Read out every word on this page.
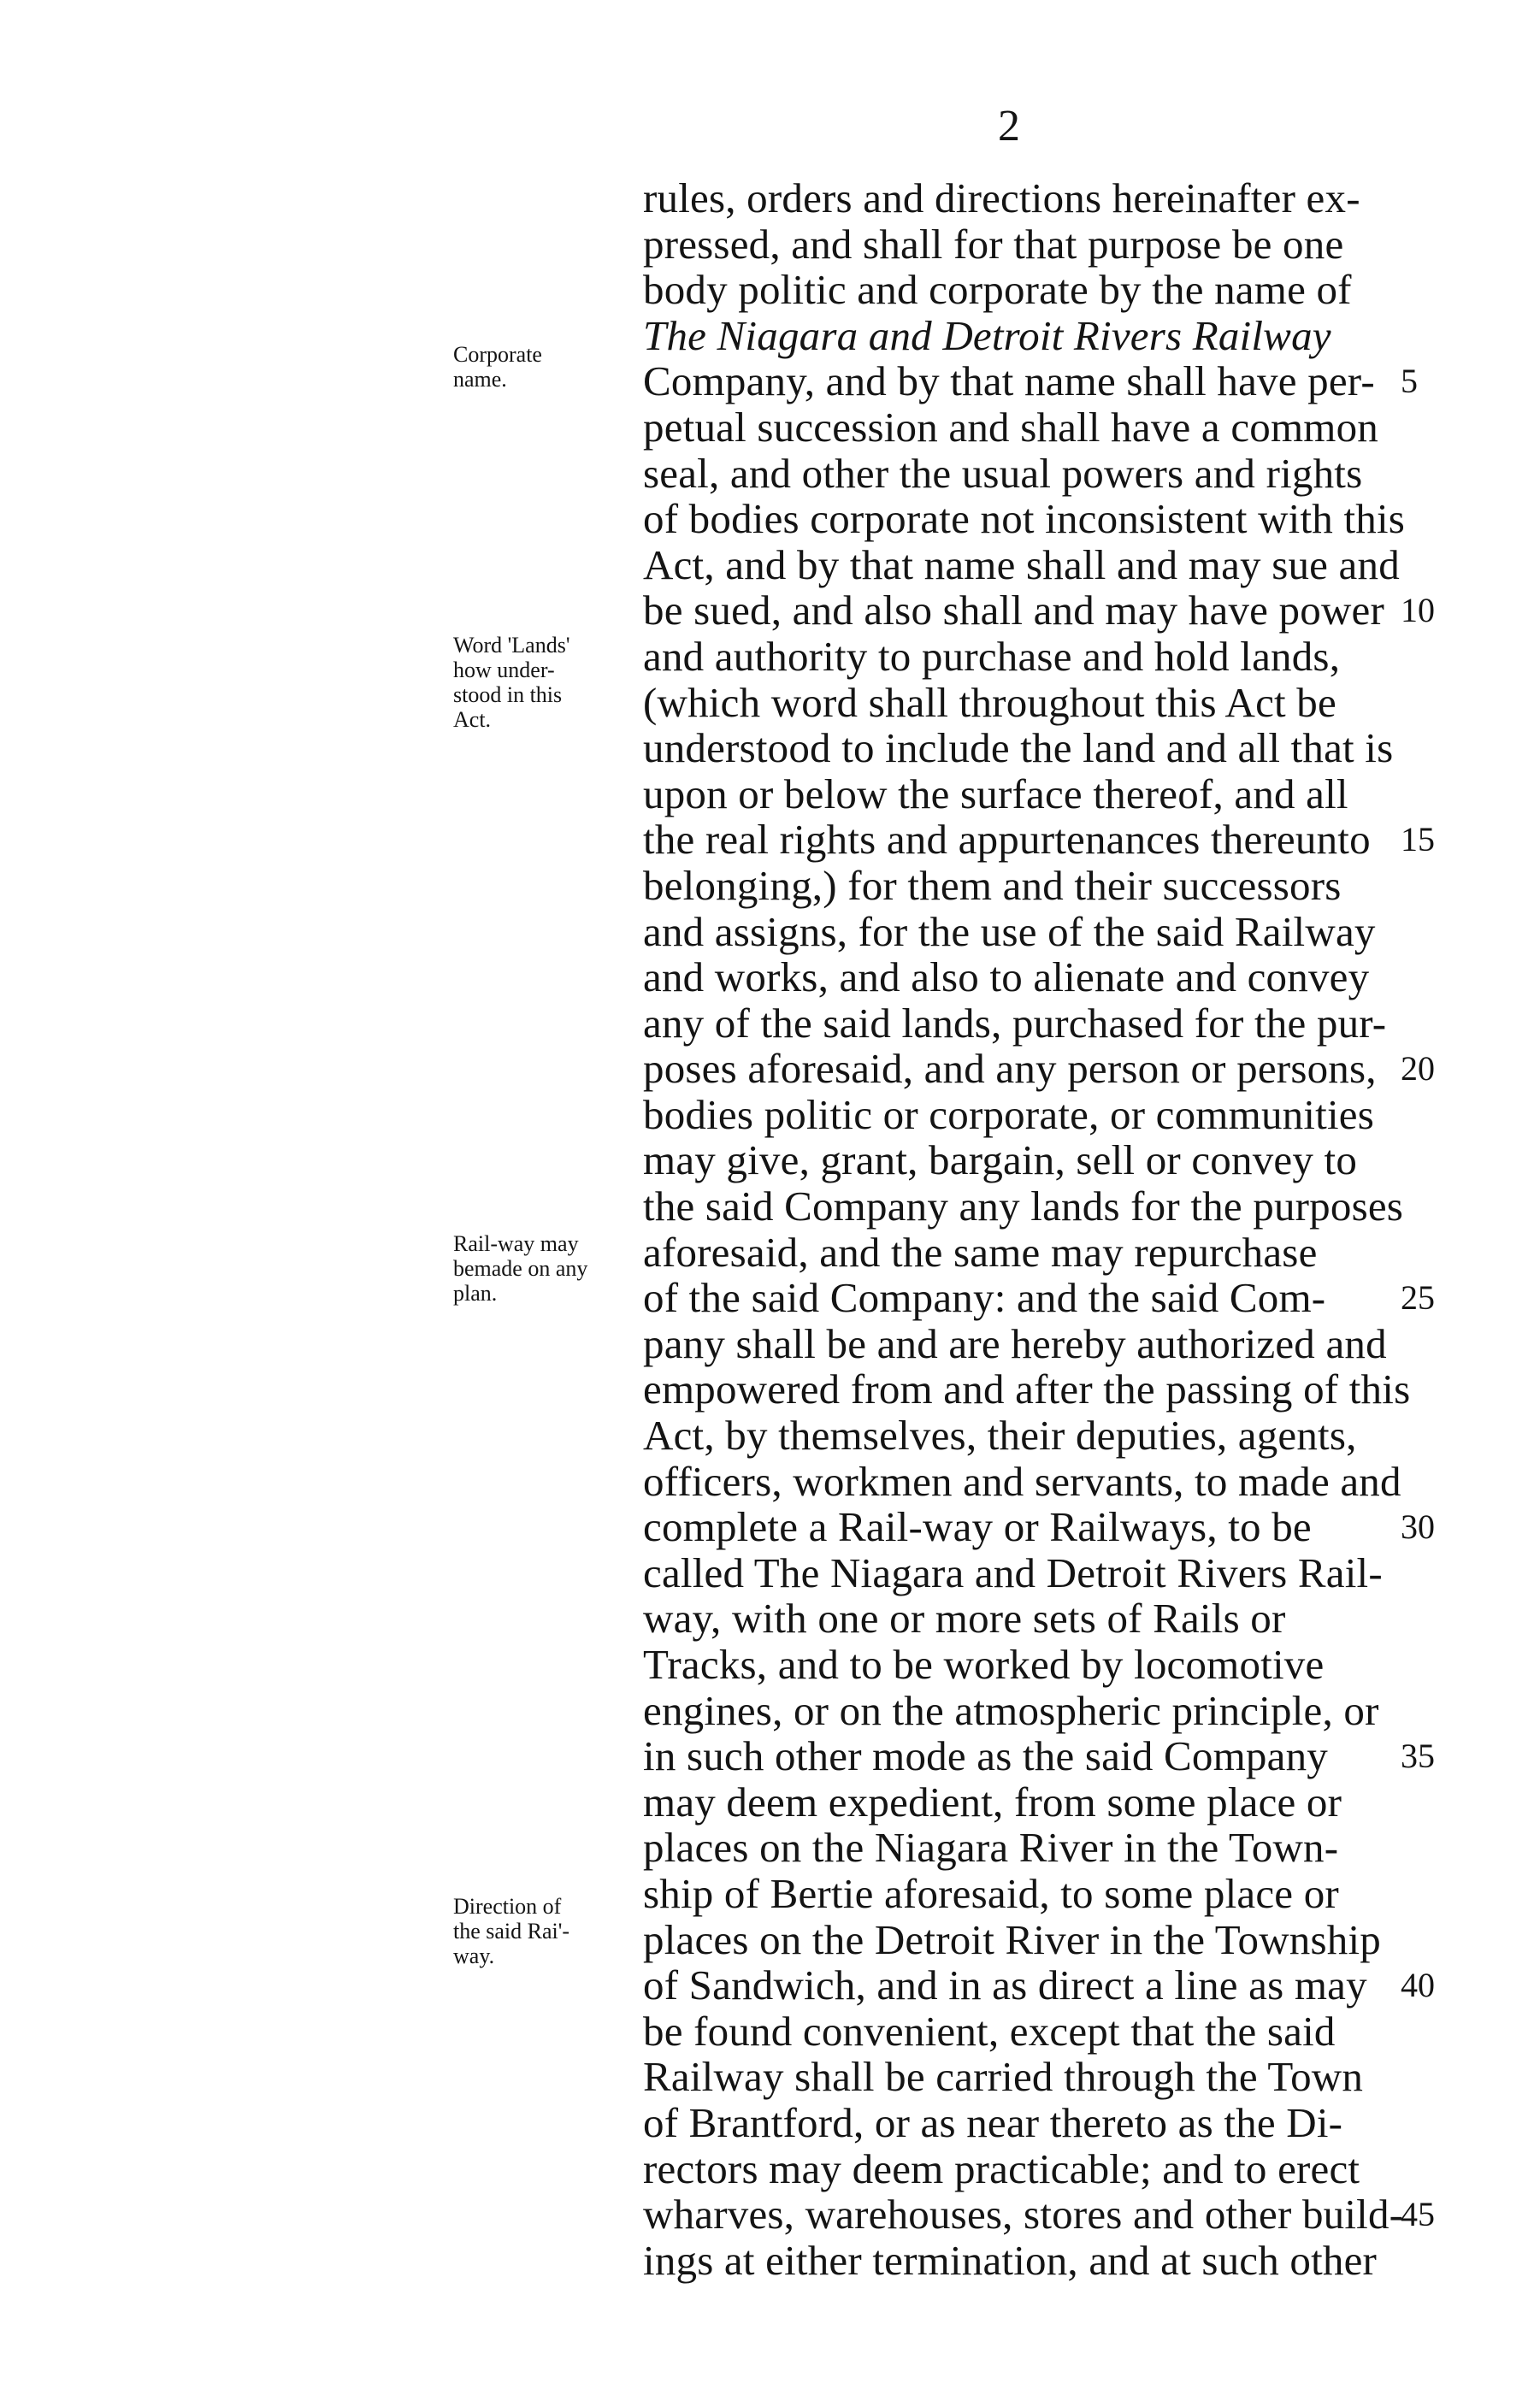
2
Corporate
name.
Word 'Lands'
how under-
stood in this
Act.
Rail-way may
bemade on any
plan.
Direction of
the said Rai'-
way.
rules, orders and directions hereinafter ex-
pressed, and shall for that purpose be one
body politic and corporate by the name of
The Niagara and Detroit Rivers Railway
Company, and by that name shall have per-
petual succession and shall have a common
seal, and other the usual powers and rights
of bodies corporate not inconsistent with this
Act, and by that name shall and may sue and
be sued, and also shall and may have power
and authority to purchase and hold lands,
(which word shall throughout this Act be
understood to include the land and all that is
upon or below the surface thereof, and all
the real rights and appurtenances thereunto
belonging,) for them and their successors
and assigns, for the use of the said Railway
and works, and also to alienate and convey
any of the said lands, purchased for the pur-
poses aforesaid, and any person or persons,
bodies politic or corporate, or communities
may give, grant, bargain, sell or convey to
the said Company any lands for the purposes
aforesaid, and the same may repurchase
of the said Company: and the said Com-
pany shall be and are hereby authorized and
empowered from and after the passing of this
Act, by themselves, their deputies, agents,
officers, workmen and servants, to made and
complete a Rail-way or Railways, to be
called The Niagara and Detroit Rivers Rail-
way, with one or more sets of Rails or
Tracks, and to be worked by locomotive
engines, or on the atmospheric principle, or
in such other mode as the said Company
may deem expedient, from some place or
places on the Niagara River in the Town-
ship of Bertie aforesaid, to some place or
places on the Detroit River in the Township
of Sandwich, and in as direct a line as may
be found convenient, except that the said
Railway shall be carried through the Town
of Brantford, or as near thereto as the Di-
rectors may deem practicable; and to erect
wharves, warehouses, stores and other build-
ings at either termination, and at such other
5
10
15
20
25
30
35
40
45
